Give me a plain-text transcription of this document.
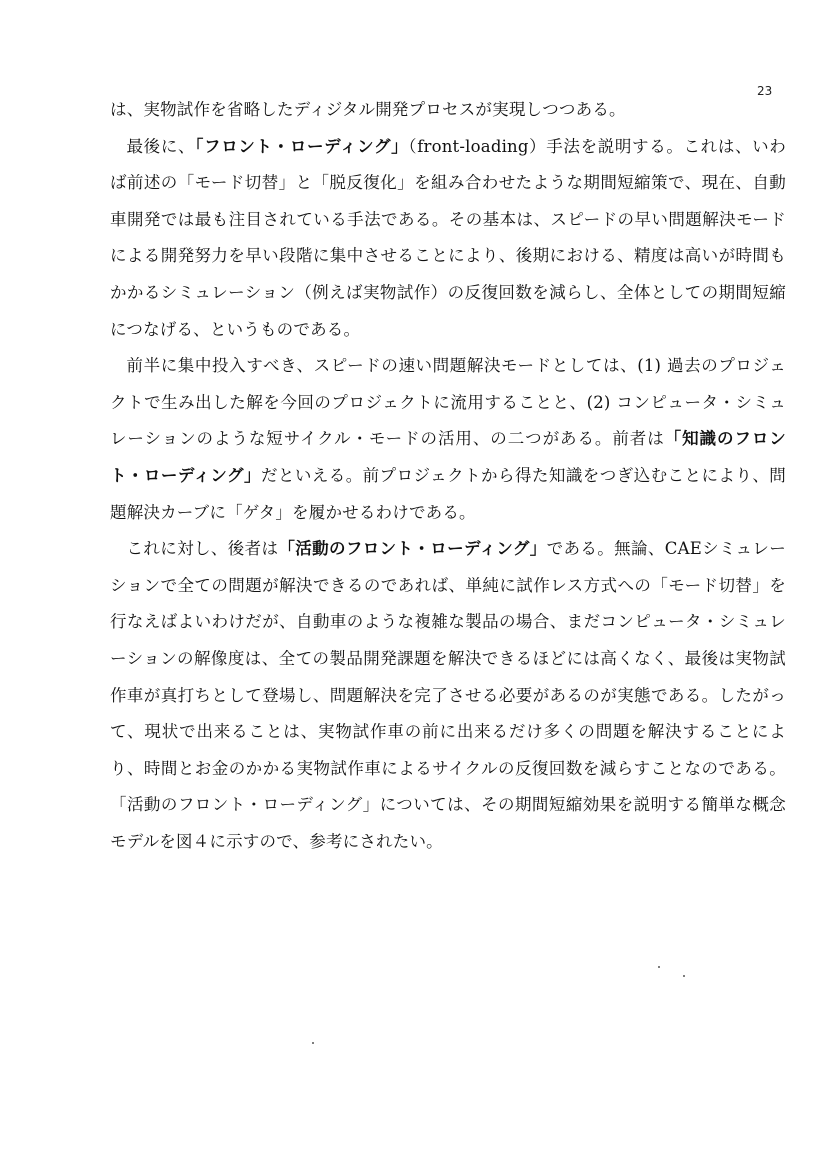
23

は、実物試作を省略したディジタル開発プロセスが実現しつつある。

最後に、「フロント・ローディング」（front-loading）手法を説明する。これは、いわば前述の「モード切替」と「脱反復化」を組み合わせたような期間短縮策で、現在、自動車開発では最も注目されている手法である。その基本は、スピードの早い問題解決モードによる開発努力を早い段階に集中させることにより、後期における、精度は高いが時間もかかるシミュレーション（例えば実物試作）の反復回数を減らし、全体としての期間短縮につなげる、というものである。

前半に集中投入すべき、スピードの速い問題解決モードとしては、(1) 過去のプロジェクトで生み出した解を今回のプロジェクトに流用することと、(2) コンピュータ・シミュレーションのような短サイクル・モードの活用、の二つがある。前者は「知識のフロント・ローディング」だといえる。前プロジェクトから得た知識をつぎ込むことにより、問題解決カーブに「ゲタ」を履かせるわけである。

これに対し、後者は「活動のフロント・ローディング」である。無論、CAEシミュレーションで全ての問題が解決できるのであれば、単純に試作レス方式への「モード切替」を行なえばよいわけだが、自動車のような複雑な製品の場合、まだコンピュータ・シミュレーションの解像度は、全ての製品開発課題を解決できるほどには高くなく、最後は実物試作車が真打ちとして登場し、問題解決を完了させる必要があるのが実態である。したがって、現状で出来ることは、実物試作車の前に出来るだけ多くの問題を解決することにより、時間とお金のかかる実物試作車によるサイクルの反復回数を減らすことなのである。「活動のフロント・ローディング」については、その期間短縮効果を説明する簡単な概念モデルを図４に示すので、参考にされたい。
